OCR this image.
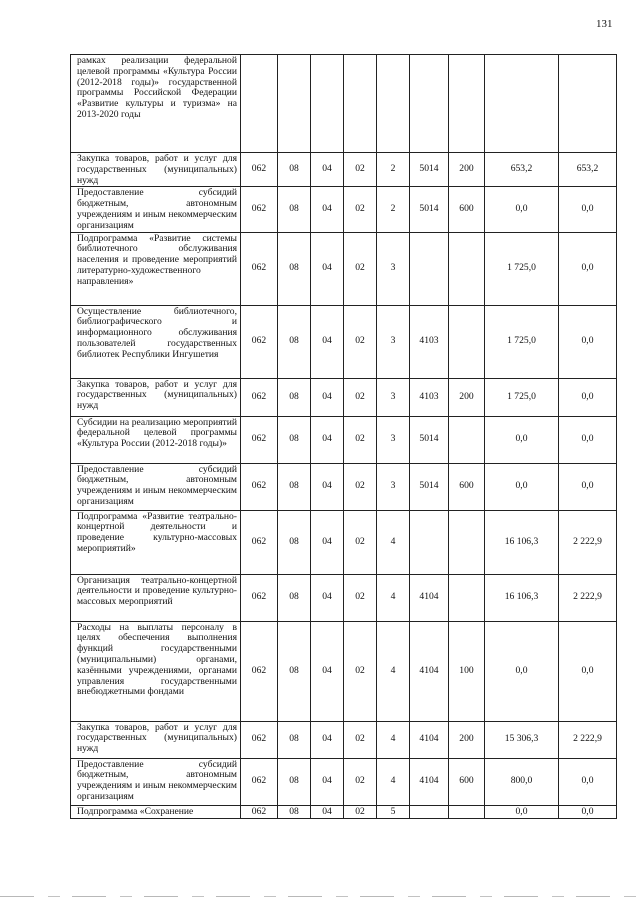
131
рамках реализации федеральной целевой программы «Культура России (2012-2018 годы)» государственной программы Российской Федерации «Развитие культуры и туризма» на 2013-2020 годы									
Закупка товаров, работ и услуг для государственных (муниципальных) нужд	062	08	04	02	2	5014	200	653,2	653,2
Предоставление субсидий бюджетным, автономным учреждениям и иным некоммерческим организациям	062	08	04	02	2	5014	600	0,0	0,0
Подпрограмма «Развитие системы библиотечного обслуживания населения и проведение мероприятий литературно-художественного направления»	062	08	04	02	3			1 725,0	0,0
Осуществление библиотечного, библиографического и информационного обслуживания пользователей государственных библиотек Республики Ингушетия	062	08	04	02	3	4103		1 725,0	0,0
Закупка товаров, работ и услуг для государственных (муниципальных) нужд	062	08	04	02	3	4103	200	1 725,0	0,0
Субсидии на реализацию мероприятий федеральной целевой программы «Культура России (2012-2018 годы)»	062	08	04	02	3	5014		0,0	0,0
Предоставление субсидий бюджетным, автономным учреждениям и иным некоммерческим организациям	062	08	04	02	3	5014	600	0,0	0,0
Подпрограмма «Развитие театрально-концертной деятельности и проведение культурно-массовых мероприятий»	062	08	04	02	4			16 106,3	2 222,9
Организация театрально-концертной деятельности и проведение культурно-массовых мероприятий	062	08	04	02	4	4104		16 106,3	2 222,9
Расходы на выплаты персоналу в целях обеспечения выполнения функций государственными (муниципальными) органами, казёнными учреждениями, органами управления государственными внебюджетными фондами	062	08	04	02	4	4104	100	0,0	0,0
Закупка товаров, работ и услуг для государственных (муниципальных) нужд	062	08	04	02	4	4104	200	15 306,3	2 222,9
Предоставление субсидий бюджетным, автономным учреждениям и иным некоммерческим организациям	062	08	04	02	4	4104	600	800,0	0,0
Подпрограмма «Сохранение	062	08	04	02	5			0,0	0,0
